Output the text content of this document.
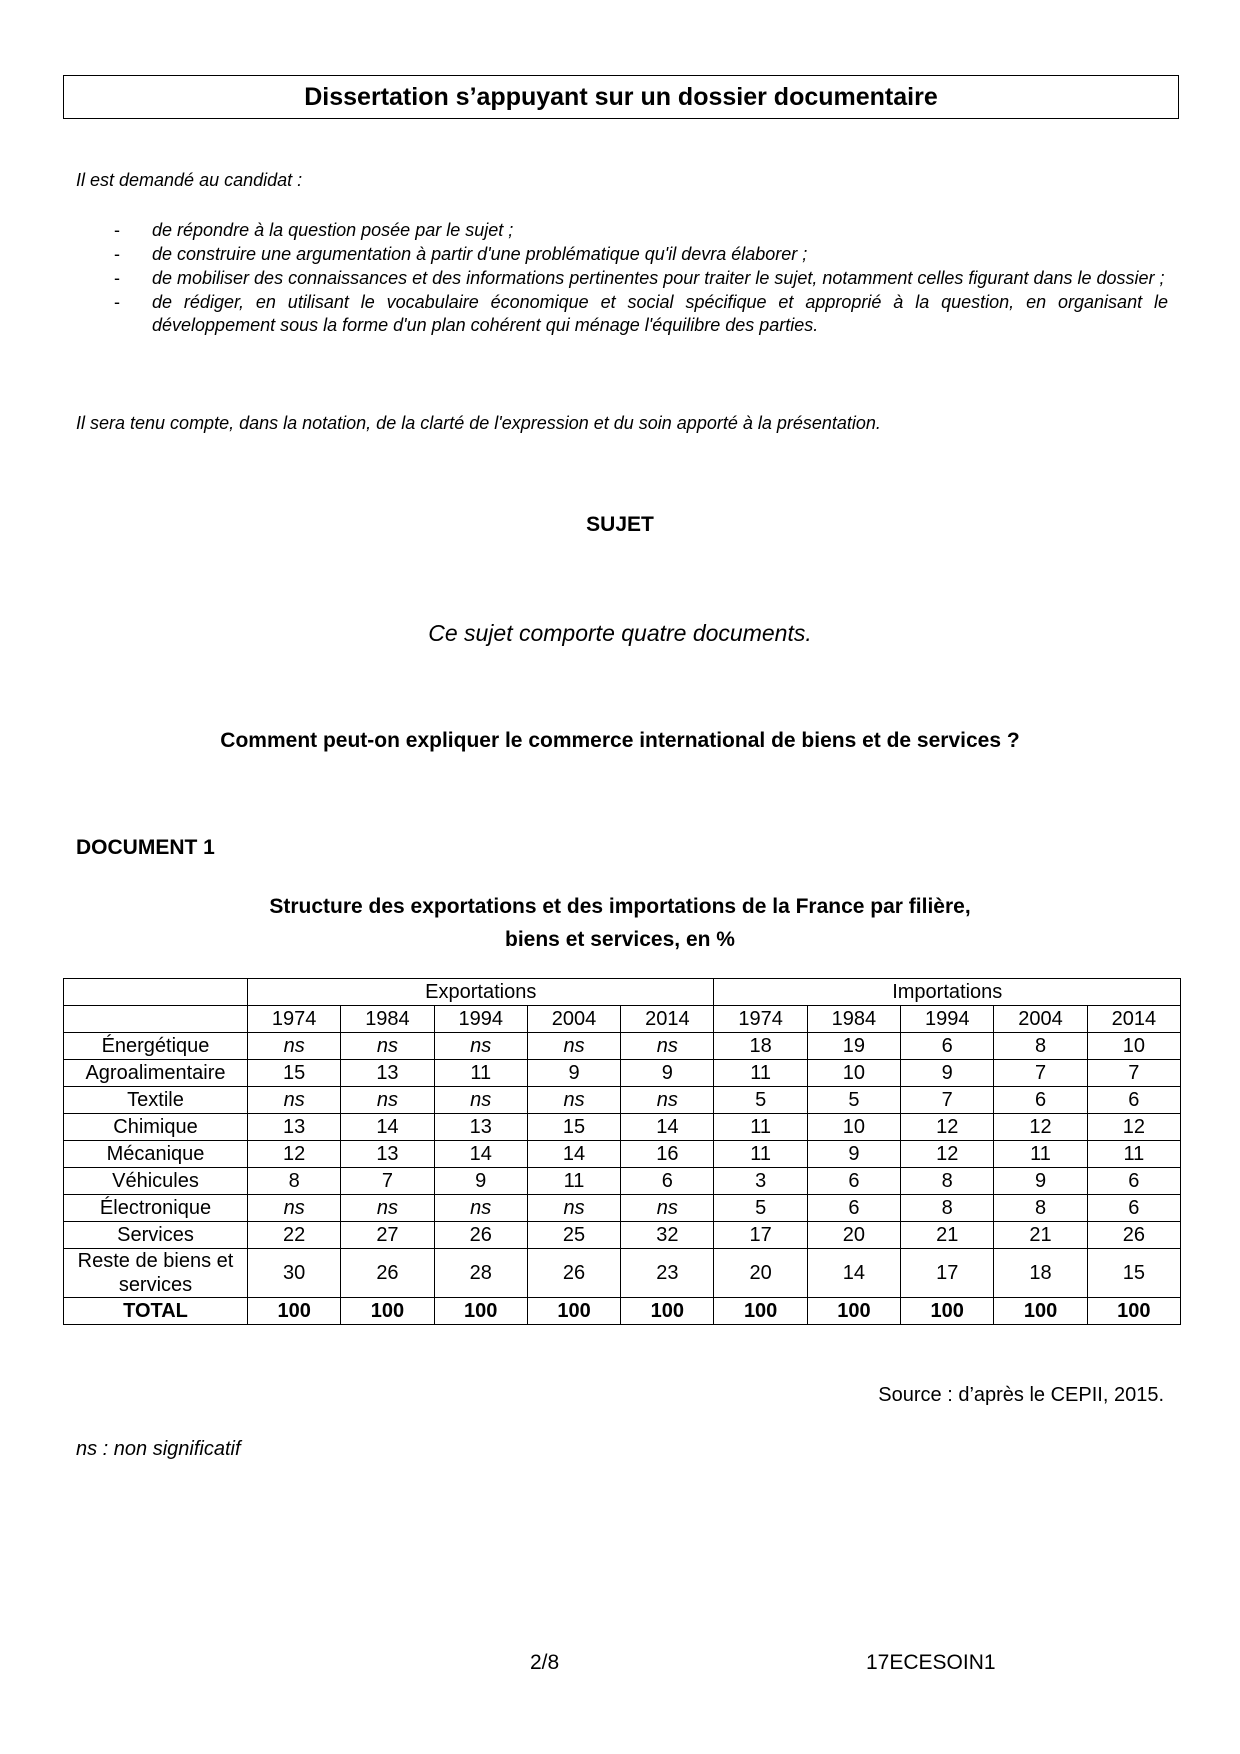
Dissertation s’appuyant sur un dossier documentaire

Il est demandé au candidat :

- de répondre à la question posée par le sujet ;
- de construire une argumentation à partir d'une problématique qu'il devra élaborer ;
- de mobiliser des connaissances et des informations pertinentes pour traiter le sujet, notamment celles figurant dans le dossier ;
- de rédiger, en utilisant le vocabulaire économique et social spécifique et approprié à la question, en organisant le développement sous la forme d'un plan cohérent qui ménage l'équilibre des parties.

Il sera tenu compte, dans la notation, de la clarté de l'expression et du soin apporté à la présentation.

SUJET

Ce sujet comporte quatre documents.

Comment peut-on expliquer le commerce international de biens et de services ?

DOCUMENT 1
Structure des exportations et des importations de la France par filière,
biens et services, en %
	Exportations					Importations				
	1974	1984	1994	2004	2014	1974	1984	1994	2004	2014
Énergétique	ns	ns	ns	ns	ns	18	19	6	8	10
Agroalimentaire	15	13	11	9	9	11	10	9	7	7
Textile	ns	ns	ns	ns	ns	5	5	7	6	6
Chimique	13	14	13	15	14	11	10	12	12	12
Mécanique	12	13	14	14	16	11	9	12	11	11
Véhicules	8	7	9	11	6	3	6	8	9	6
Électronique	ns	ns	ns	ns	ns	5	6	8	8	6
Services	22	27	26	25	32	17	20	21	21	26
Reste de biens et services	30	26	28	26	23	20	14	17	18	15
TOTAL	100	100	100	100	100	100	100	100	100	100

Source : d’après le CEPII, 2015.

ns : non significatif

2/8	17ECESOIN1
